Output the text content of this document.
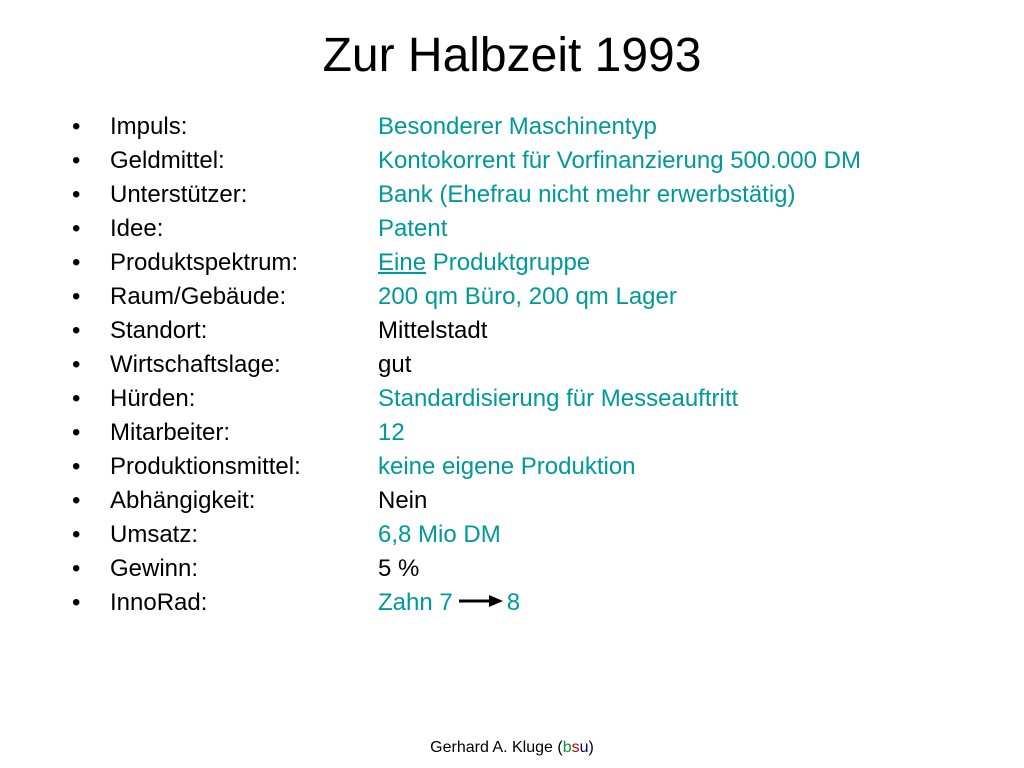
Zur Halbzeit 1993
• Impuls:	Besonderer Maschinentyp
• Geldmittel:	Kontokorrent für Vorfinanzierung 500.000 DM
• Unterstützer:	Bank (Ehefrau nicht mehr erwerbstätig)
• Idee:	Patent
• Produktspektrum:	Eine Produktgruppe
• Raum/Gebäude:	200 qm Büro, 200 qm Lager
• Standort:	Mittelstadt
• Wirtschaftslage:	gut
• Hürden:	Standardisierung für Messeauftritt
• Mitarbeiter:	12
• Produktionsmittel:	keine eigene Produktion
• Abhängigkeit:	Nein
• Umsatz:	6,8 Mio DM
• Gewinn:	5 %
• InnoRad:	Zahn 7 8
Gerhard A. Kluge (bsu)
